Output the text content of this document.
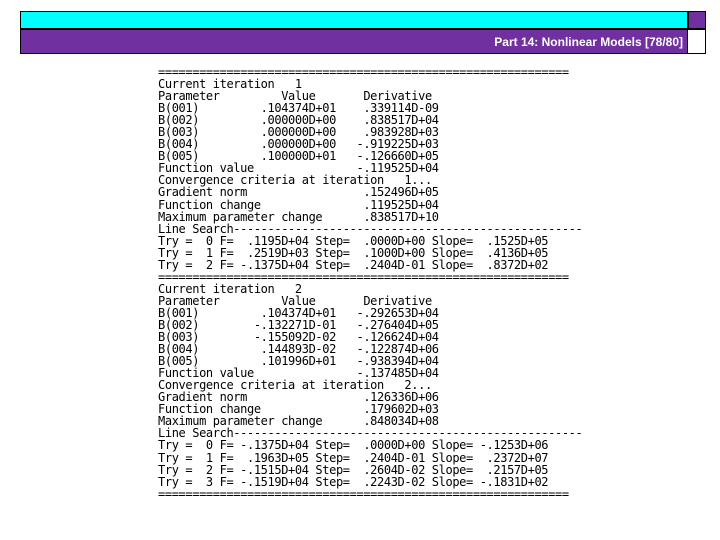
Part 14: Nonlinear Models [78/80]
============================================================
Current iteration   1
Parameter         Value       Derivative
B(001)         .104374D+01    .339114D-09
B(002)         .000000D+00    .838517D+04
B(003)         .000000D+00    .983928D+03
B(004)         .000000D+00   -.919225D+03
B(005)         .100000D+01   -.126660D+05
Function value               -.119525D+04
Convergence criteria at iteration   1...
Gradient norm                 .152496D+05
Function change               .119525D+04
Maximum parameter change      .838517D+10
Line Search---------------------------------------------------
Try =  0 F=  .1195D+04 Step=  .0000D+00 Slope=  .1525D+05
Try =  1 F=  .2519D+03 Step=  .1000D+00 Slope=  .4136D+05
Try =  2 F= -.1375D+04 Step=  .2404D-01 Slope=  .8372D+02
============================================================
Current iteration   2
Parameter         Value       Derivative
B(001)         .104374D+01   -.292653D+04
B(002)        -.132271D-01   -.276404D+05
B(003)        -.155092D-02   -.126624D+04
B(004)         .144893D-02   -.122874D+06
B(005)         .101996D+01   -.938394D+04
Function value               -.137485D+04
Convergence criteria at iteration   2...
Gradient norm                 .126336D+06
Function change               .179602D+03
Maximum parameter change      .848034D+08
Line Search---------------------------------------------------
Try =  0 F= -.1375D+04 Step=  .0000D+00 Slope= -.1253D+06
Try =  1 F=  .1963D+05 Step=  .2404D-01 Slope=  .2372D+07
Try =  2 F= -.1515D+04 Step=  .2604D-02 Slope=  .2157D+05
Try =  3 F= -.1519D+04 Step=  .2243D-02 Slope= -.1831D+02
============================================================
